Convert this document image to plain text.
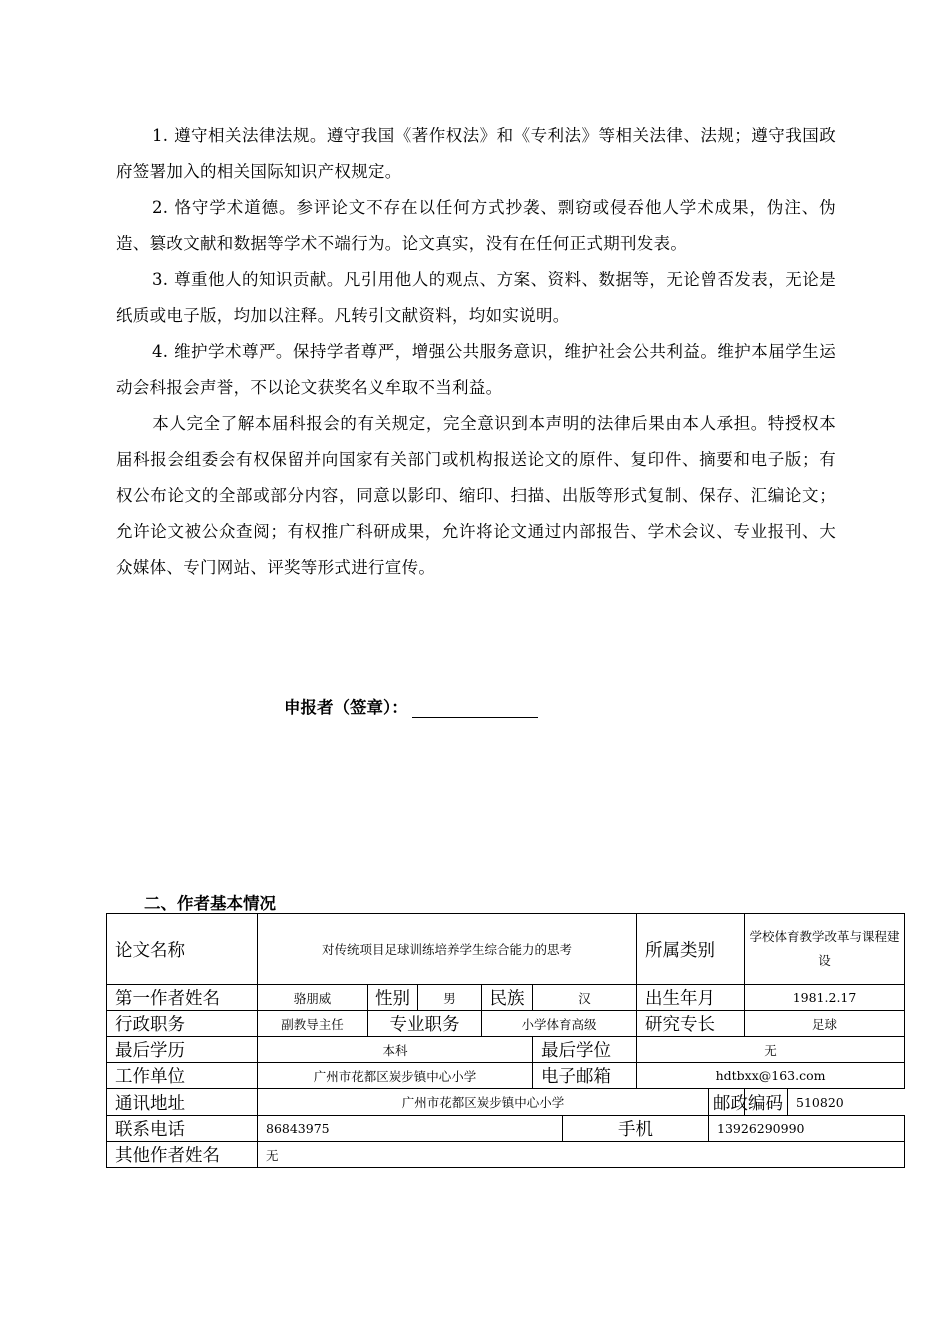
1. 遵守相关法律法规。遵守我国《著作权法》和《专利法》等相关法律、法规；遵守我国政府签署加入的相关国际知识产权规定。
2. 恪守学术道德。参评论文不存在以任何方式抄袭、剽窃或侵吞他人学术成果，伪注、伪造、篡改文献和数据等学术不端行为。论文真实，没有在任何正式期刊发表。
3. 尊重他人的知识贡献。凡引用他人的观点、方案、资料、数据等，无论曾否发表，无论是纸质或电子版，均加以注释。凡转引文献资料，均如实说明。
4. 维护学术尊严。保持学者尊严，增强公共服务意识，维护社会公共利益。维护本届学生运动会科报会声誉，不以论文获奖名义牟取不当利益。
本人完全了解本届科报会的有关规定，完全意识到本声明的法律后果由本人承担。特授权本届科报会组委会有权保留并向国家有关部门或机构报送论文的原件、复印件、摘要和电子版；有权公布论文的全部或部分内容，同意以影印、缩印、扫描、出版等形式复制、保存、汇编论文；允许论文被公众查阅；有权推广科研成果，允许将论文通过内部报告、学术会议、专业报刊、大众媒体、专门网站、评奖等形式进行宣传。
申报者（签章）：
二、作者基本情况
论文名称	对传统项目足球训练培养学生综合能力的思考	所属类别	学校体育教学改革与课程建设
第一作者姓名	骆朋威	性别	男	民族	汉	出生年月	1981.2.17
行政职务	副教导主任	专业职务	小学体育高级	研究专长	足球
最后学历	本科	最后学位	无
工作单位	广州市花都区炭步镇中心小学	电子邮箱	hdtbxx@163.com
通讯地址	广州市花都区炭步镇中心小学		邮政编码	510820

联系电话	86843975	手机	13926290990
其他作者姓名	无
